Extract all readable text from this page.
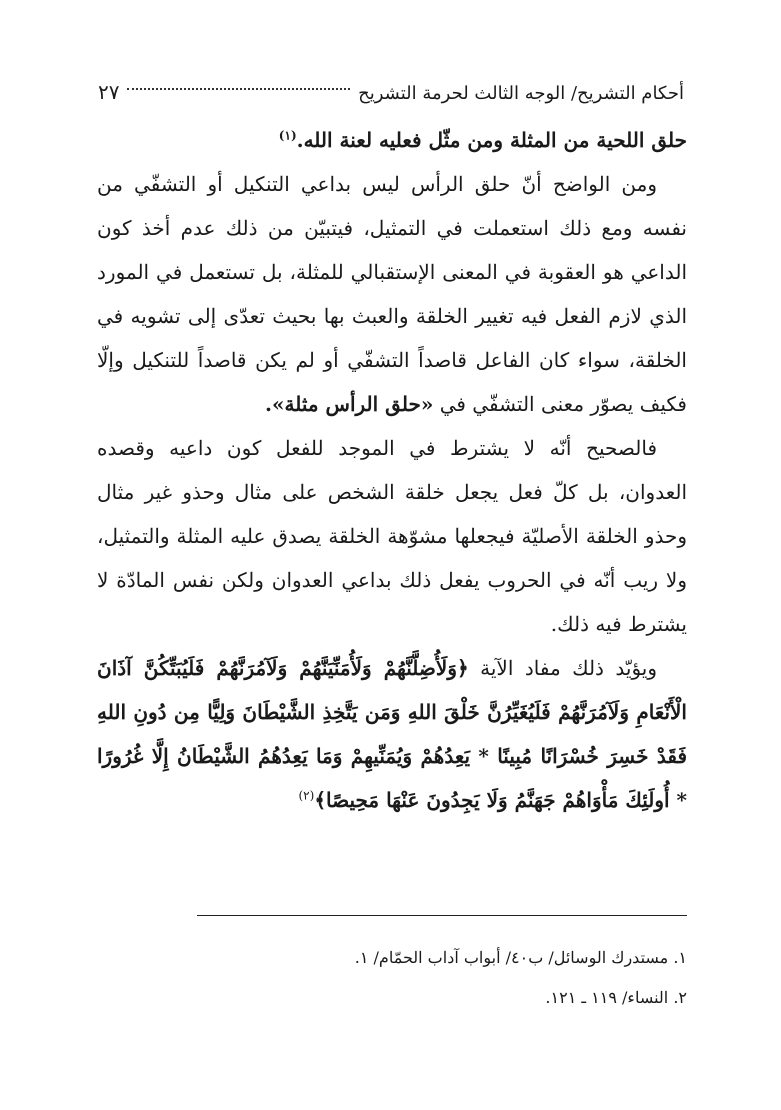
أحكام التشريح/ الوجه الثالث لحرمة التشريح
٢٧

حلق اللحية من المثلة ومن مثّل فعليه لعنة الله.$^{(١)}$

ومن الواضح أنّ حلق الرأس ليس بداعي التنكيل أو التشفّي من نفسه ومع ذلك استعملت في التمثيل، فيتبيّن من ذلك عدم أخذ كون الداعي هو العقوبة في المعنى الإستقبالي للمثلة، بل تستعمل في المورد الذي لازم الفعل فيه تغيير الخلقة والعبث بها بحيث تعدّى إلى تشويه في الخلقة، سواء كان الفاعل قاصداً التشفّي أو لم يكن قاصداً للتنكيل وإلّا فكيف يصوّر معنى التشفّي في «حلق الرأس مثلة».

فالصحيح أنّه لا يشترط في الموجد للفعل كون داعيه وقصده العدوان، بل كلّ فعل يجعل خلقة الشخص على مثال وحذو غير مثال وحذو الخلقة الأصليّة فيجعلها مشوّهة الخلقة يصدق عليه المثلة والتمثيل، ولا ريب أنّه في الحروب يفعل ذلك بداعي العدوان ولكن نفس المادّة لا يشترط فيه ذلك.

ويؤيّد ذلك مفاد الآية ﴿وَلَأُضِلَّنَّهُمْ وَلَأُمَنِّيَنَّهُمْ وَلَآمُرَنَّهُمْ فَلَيُبَتِّكُنَّ آذَانَ الْأَنْعَامِ وَلَآمُرَنَّهُمْ فَلَيُغَيِّرُنَّ خَلْقَ اللهِ وَمَن يَتَّخِذِ الشَّيْطَانَ وَلِيًّا مِن دُونِ اللهِ فَقَدْ خَسِرَ خُسْرَانًا مُبِينًا * يَعِدُهُمْ وَيُمَنِّيهِمْ وَمَا يَعِدُهُمُ الشَّيْطَانُ إِلَّا غُرُورًا * أُولَئِكَ مَأْوَاهُمْ جَهَنَّمُ وَلَا يَجِدُونَ عَنْهَا مَحِيصًا﴾$^{(٢)}$

١. مستدرك الوسائل/ ب٤٠/ أبواب آداب الحمّام/ ١.

٢. النساء/ ١١٩ ـ ١٢١.
